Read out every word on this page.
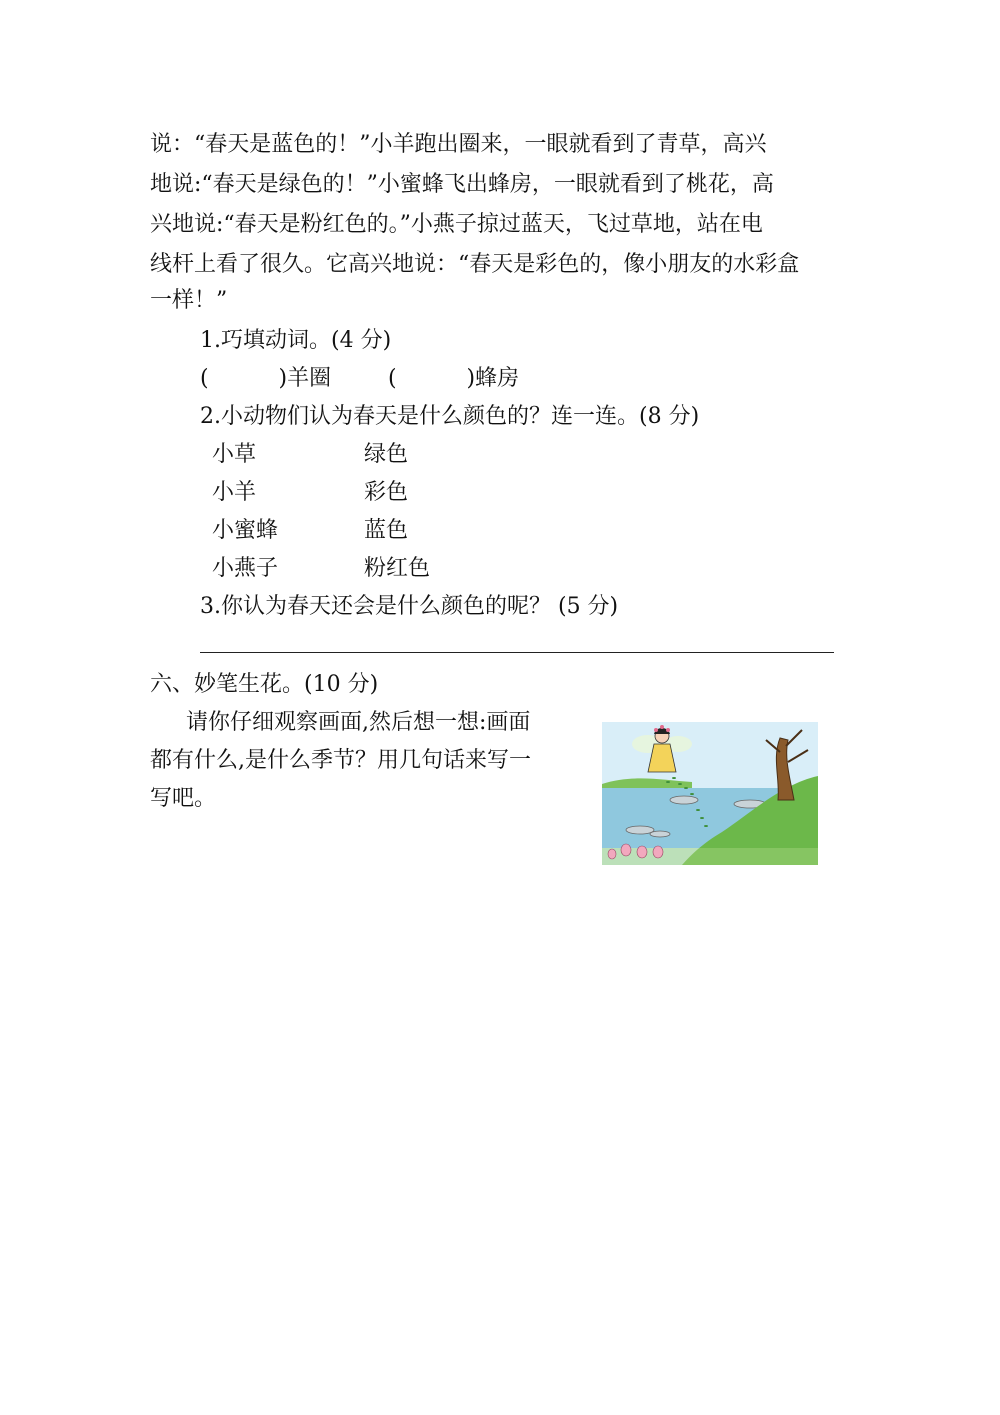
说：“春天是蓝色的！”小羊跑出圈来，一眼就看到了青草，高兴
地说:“春天是绿色的！”小蜜蜂飞出蜂房，一眼就看到了桃花，高
兴地说:“春天是粉红色的。”小燕子掠过蓝天，飞过草地，站在电
线杆上看了很久。它高兴地说：“春天是彩色的，像小朋友的水彩盒
一样！”
1.巧填动词。(4 分)
(          )羊圈	(          )蜂房
2.小动物们认为春天是什么颜色的？连一连。(8 分)
小草	绿色
小羊	彩色
小蜜蜂	蓝色
小燕子	粉红色
3.你认为春天还会是什么颜色的呢？ (5 分)
六、妙笔生花。(10 分)
请你仔细观察画面,然后想一想:画面
都有什么,是什么季节？用几句话来写一
写吧。
